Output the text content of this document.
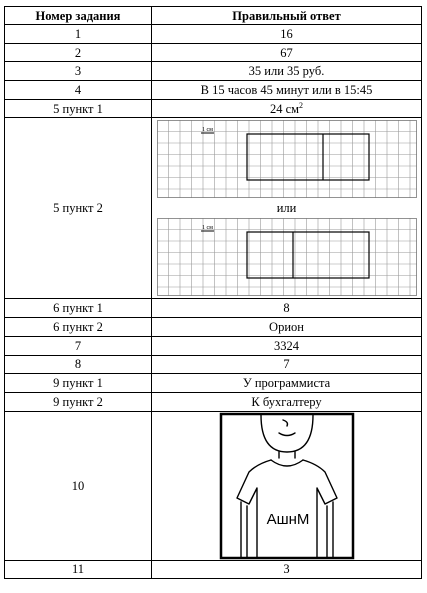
Номер задания	Правильный ответ
1	16
2	67
3	35 или 35 руб.
4	В 15 часов 45 минут или в 15:45
5 пункт 1	24 $см^2$
5 пункт 2	1 см
или
1 см

6 пункт 1	8
6 пункт 2	Орион
7	3324
8	7
9 пункт 1	У программиста
9 пункт 2	К бухгалтеру
10	АшнМ

11	3
